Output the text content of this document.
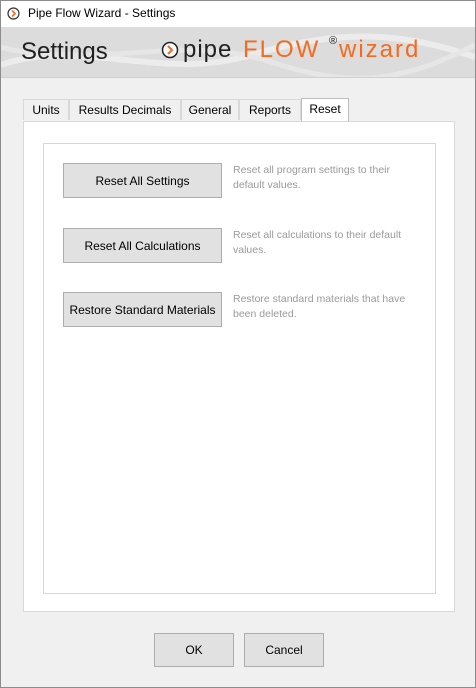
Pipe Flow Wizard - Settings
Settings	pipe FLOW ® wizard
Units	Results Decimals	General	Reports	Reset
Reset All Settings
Reset all program settings to their default values.
Reset All Calculations
Reset all calculations to their default values.
Restore Standard Materials
Restore standard materials that have been deleted.
OK	Cancel
